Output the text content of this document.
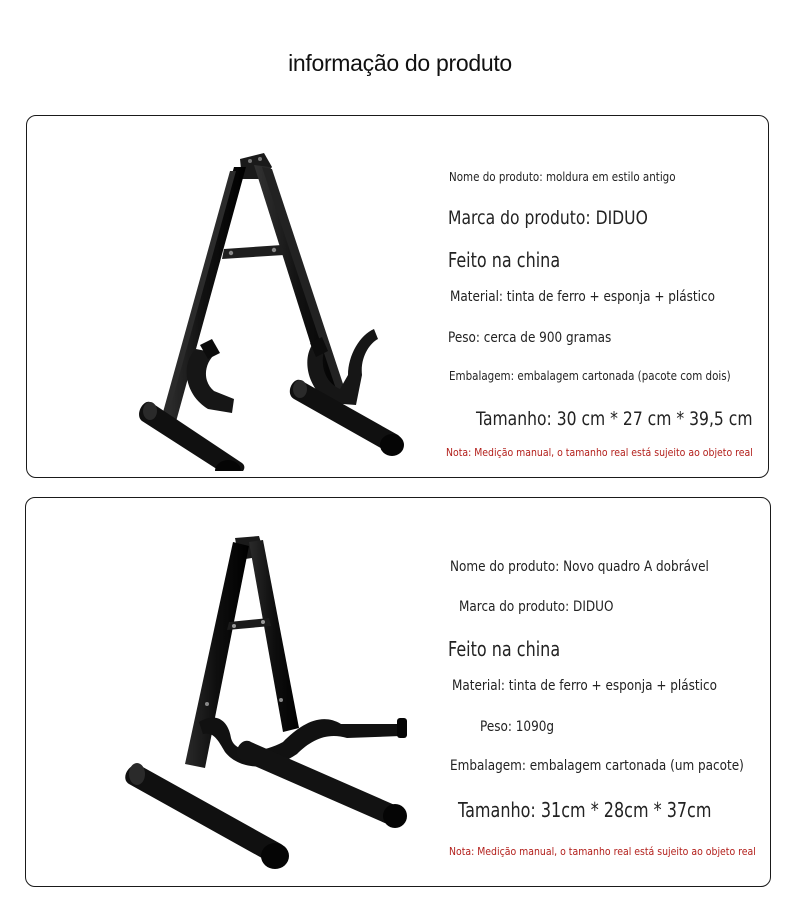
informação do produto
Nome do produto: moldura em estilo antigo
Marca do produto: DIDUO
Feito na china
Material: tinta de ferro + esponja + plástico
Peso: cerca de 900 gramas
Embalagem: embalagem cartonada (pacote com dois)
Tamanho: 30 cm * 27 cm * 39,5 cm
Nota: Medição manual, o tamanho real está sujeito ao objeto real
Nome do produto: Novo quadro A dobrável
Marca do produto: DIDUO
Feito na china
Material: tinta de ferro + esponja + plástico
Peso: 1090g
Embalagem: embalagem cartonada (um pacote)
Tamanho: 31cm * 28cm * 37cm
Nota: Medição manual, o tamanho real está sujeito ao objeto real
